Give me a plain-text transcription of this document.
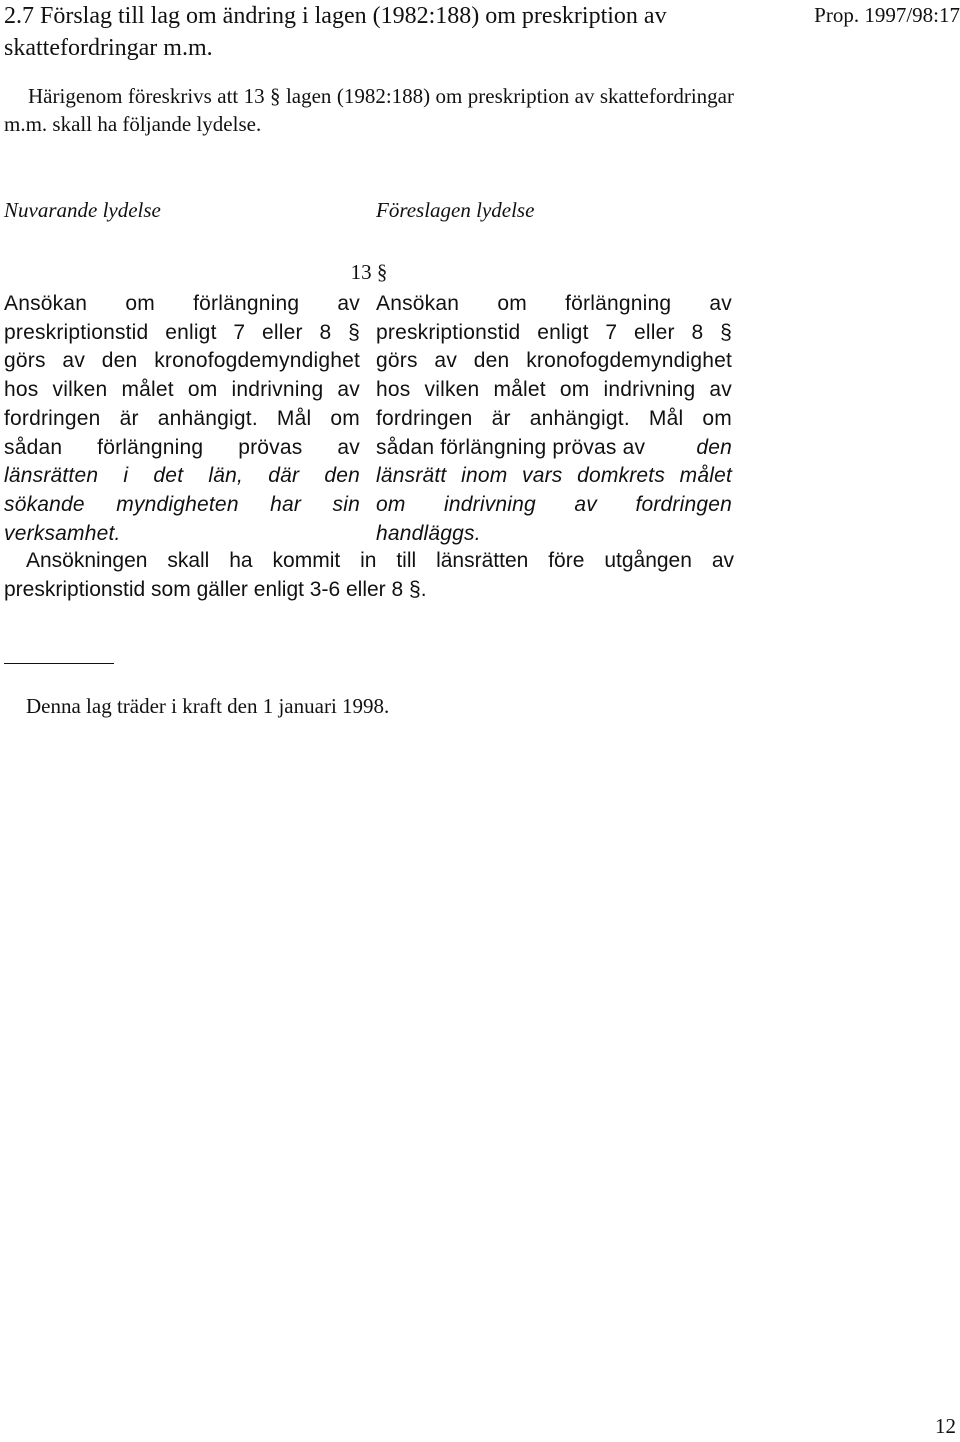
2.7 Förslag till lag om ändring i lagen (1982:188) om preskription av skattefordringar m.m.
Prop. 1997/98:17
Härigenom föreskrivs att 13 § lagen (1982:188) om preskription av skattefordringar m.m. skall ha följande lydelse.
Nuvarande lydelse	Föreslagen lydelse
13 §
Ansökan om förlängning av
preskriptionstid enligt 7 eller 8 §
görs av den kronofogdemyndighet
hos vilken målet om indrivning av
fordringen är anhängigt. Mål om
sådan förlängning prövas av
länsrätten i det län, där den
sökande myndigheten har sin
verksamhet.
Ansökan om förlängning av
preskriptionstid enligt 7 eller 8 §
görs av den kronofogdemyndighet
hos vilken målet om indrivning av
fordringen är anhängigt. Mål om
sådan förlängning prövas av den
länsrätt inom vars domkrets målet
om indrivning av fordringen
handläggs.
Ansökningen skall ha kommit in till länsrätten före utgången av
preskriptionstid som gäller enligt 3-6 eller 8 §.
Denna lag träder i kraft den 1 januari 1998.
12
